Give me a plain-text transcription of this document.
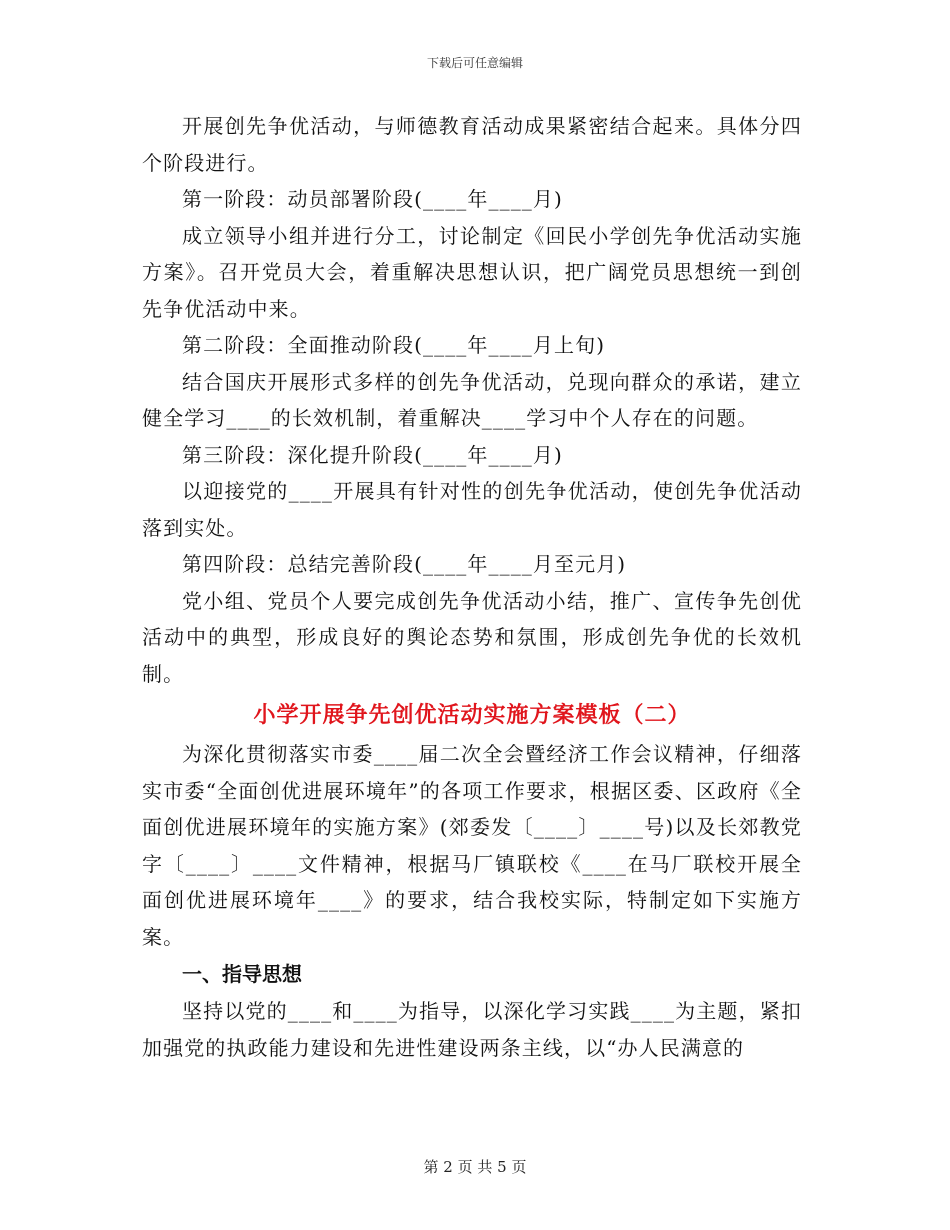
下载后可任意编辑

开展创先争优活动，与师德教育活动成果紧密结合起来。具体分四个阶段进行。

第一阶段：动员部署阶段(____年____月)

成立领导小组并进行分工，讨论制定《回民小学创先争优活动实施方案》。召开党员大会，着重解决思想认识，把广阔党员思想统一到创先争优活动中来。

第二阶段：全面推动阶段(____年____月上旬)

结合国庆开展形式多样的创先争优活动，兑现向群众的承诺，建立健全学习____的长效机制，着重解决____学习中个人存在的问题。

第三阶段：深化提升阶段(____年____月)

以迎接党的____开展具有针对性的创先争优活动，使创先争优活动落到实处。

第四阶段：总结完善阶段(____年____月至元月)

党小组、党员个人要完成创先争优活动小结，推广、宣传争先创优活动中的典型，形成良好的舆论态势和氛围，形成创先争优的长效机制。

小学开展争先创优活动实施方案模板（二）

为深化贯彻落实市委____届二次全会暨经济工作会议精神，仔细落实市委“全面创优进展环境年”的各项工作要求，根据区委、区政府《全面创优进展环境年的实施方案》(郊委发〔____〕____号)以及长郊教党字〔____〕____文件精神，根据马厂镇联校《____在马厂联校开展全面创优进展环境年____》的要求，结合我校实际，特制定如下实施方案。

一、指导思想

坚持以党的____和____为指导，以深化学习实践____为主题，紧扣加强党的执政能力建设和先进性建设两条主线，以“办人民满意的

第 2 页 共 5 页
